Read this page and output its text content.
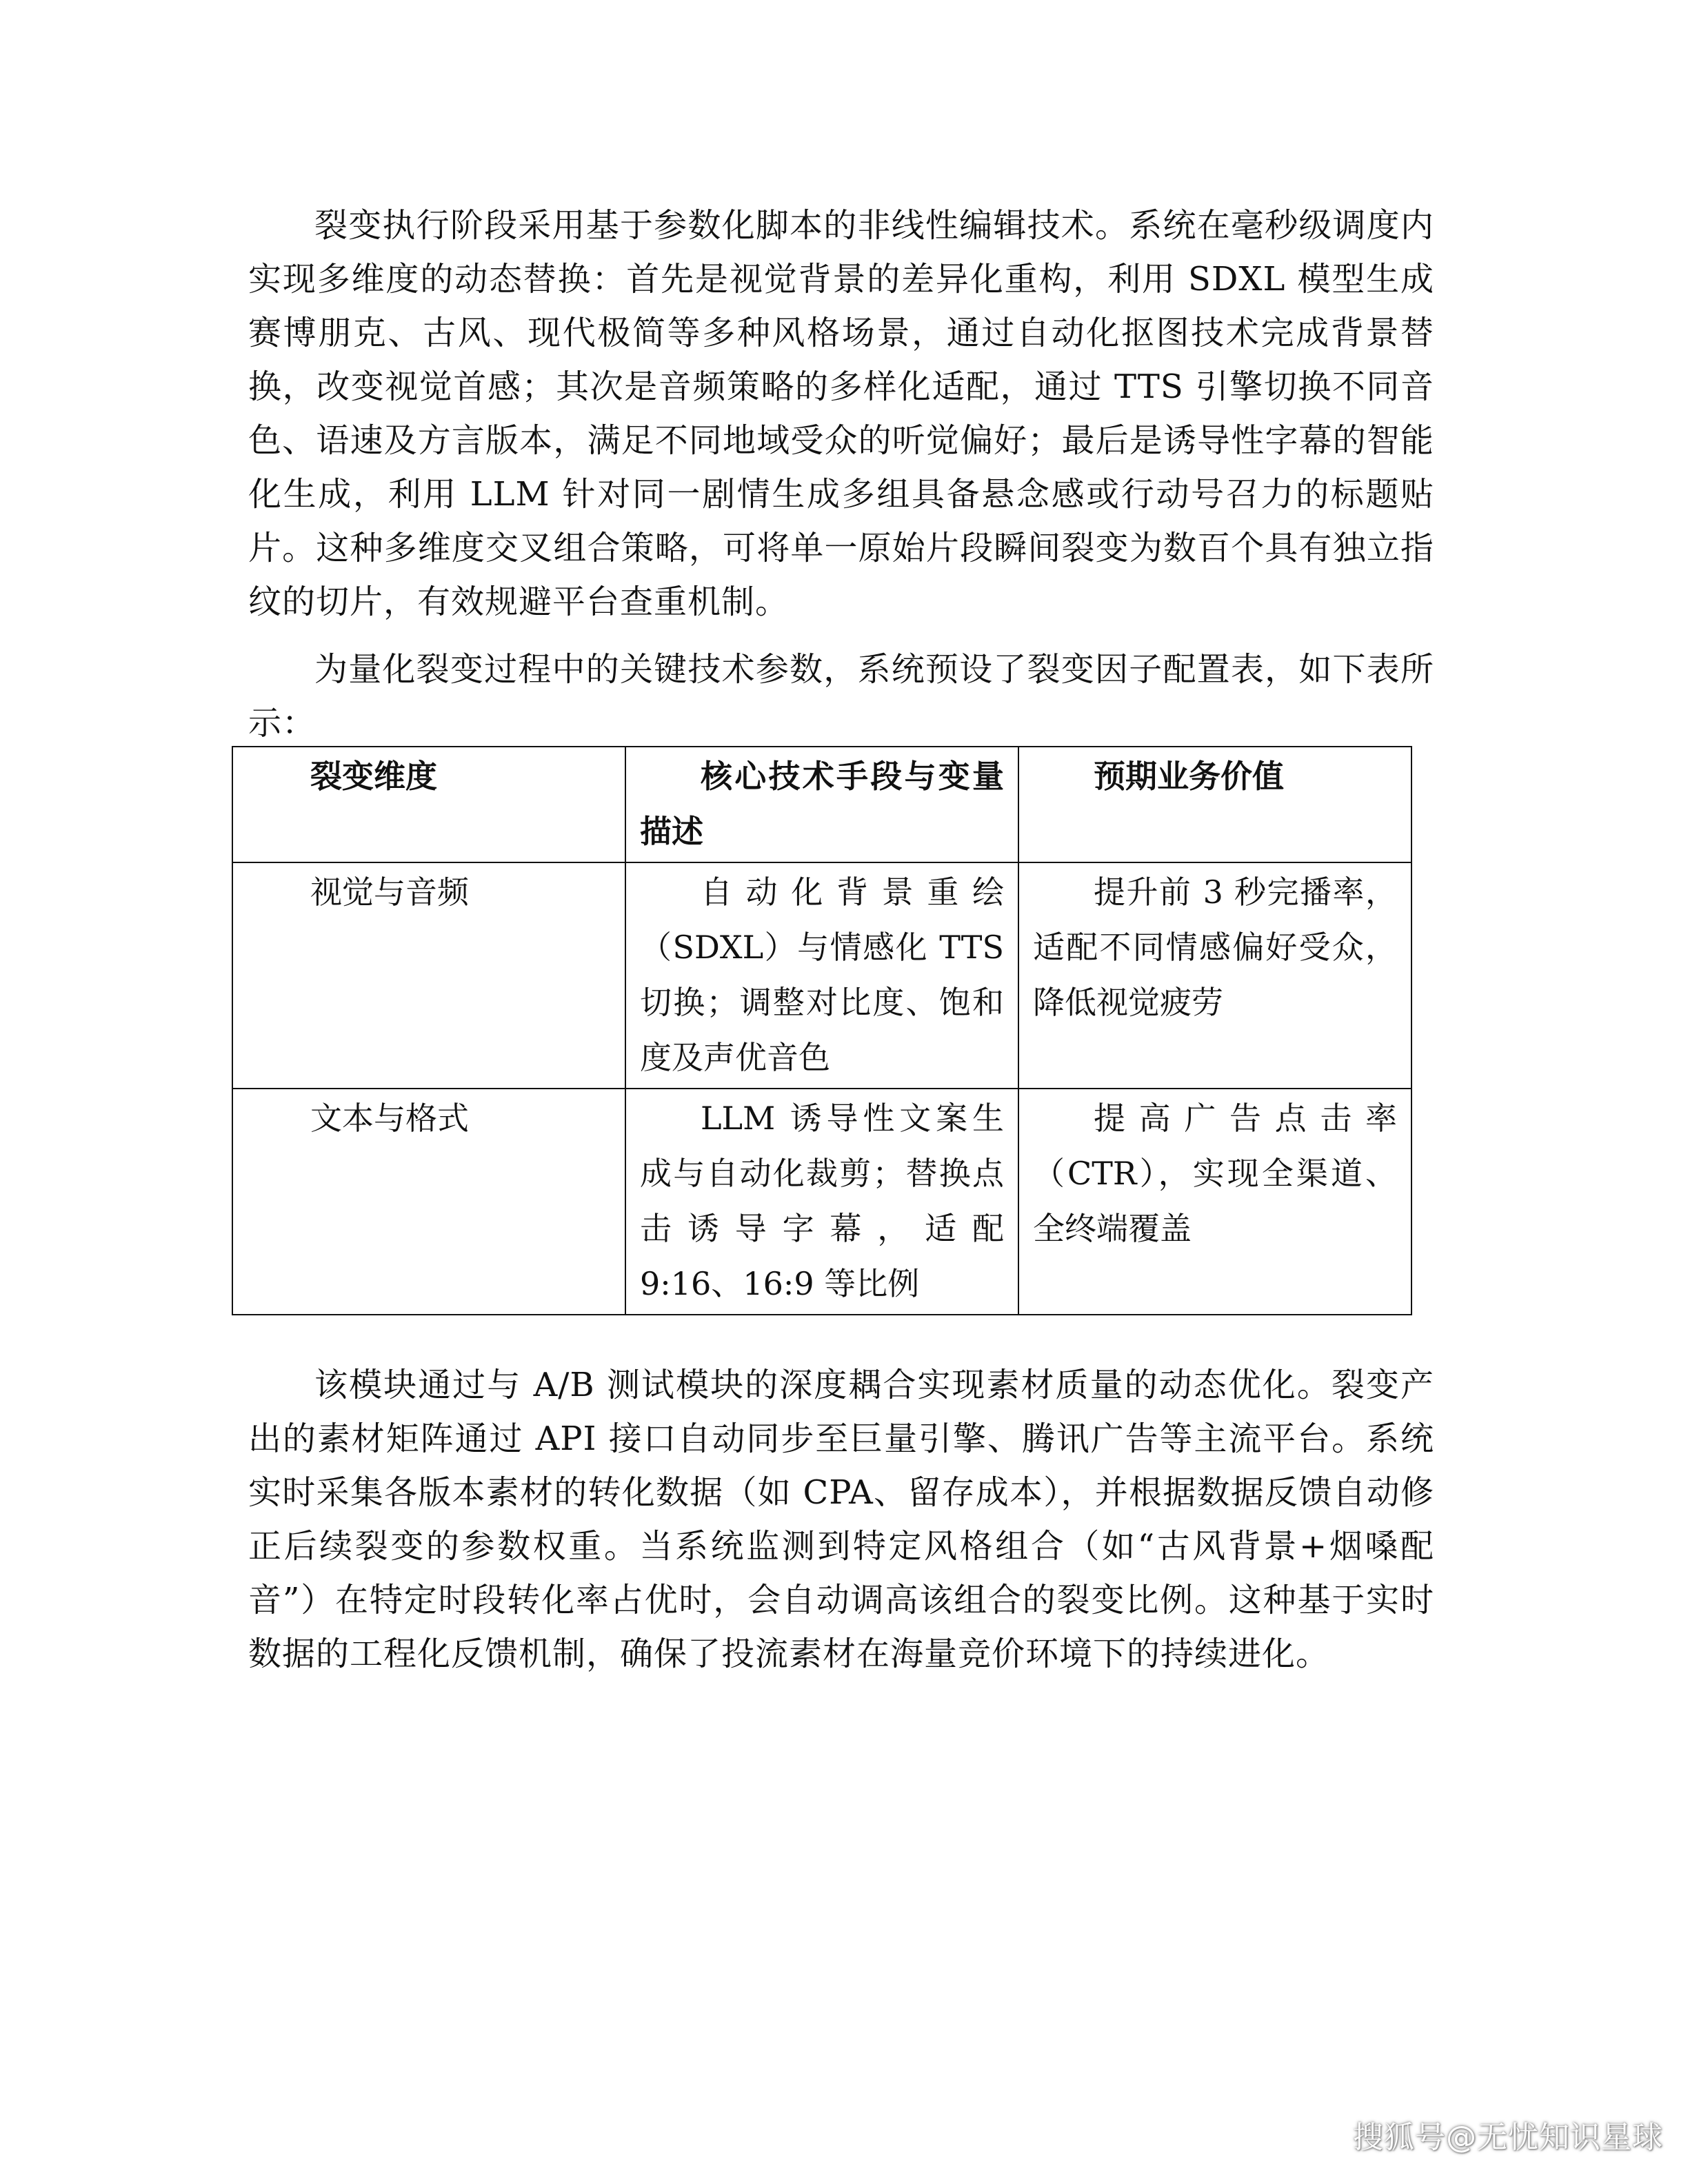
裂变执行阶段采用基于参数化脚本的非线性编辑技术。系统在毫秒级调度内实现多维度的动态替换：首先是视觉背景的差异化重构，利用 SDXL 模型生成赛博朋克、古风、现代极简等多种风格场景，通过自动化抠图技术完成背景替换，改变视觉首感；其次是音频策略的多样化适配，通过 TTS 引擎切换不同音色、语速及方言版本，满足不同地域受众的听觉偏好；最后是诱导性字幕的智能化生成，利用 LLM 针对同一剧情生成多组具备悬念感或行动号召力的标题贴片。这种多维度交叉组合策略，可将单一原始片段瞬间裂变为数百个具有独立指纹的切片，有效规避平台查重机制。

为量化裂变过程中的关键技术参数，系统预设了裂变因子配置表，如下表所示：

裂变维度	核心技术手段与变量描述	预期业务价值

视觉与音频	自动化背景重绘（SDXL）与情感化 TTS 切换；调整对比度、饱和度及声优音色	提升前 3 秒完播率，适配不同情感偏好受众，降低视觉疲劳

文本与格式	LLM 诱导性文案生成与自动化裁剪；替换点击诱导字幕，适配 9:16、16:9 等比例	提高广告点击率（CTR），实现全渠道、全终端覆盖

该模块通过与 A/B 测试模块的深度耦合实现素材质量的动态优化。裂变产出的素材矩阵通过 API 接口自动同步至巨量引擎、腾讯广告等主流平台。系统实时采集各版本素材的转化数据（如 CPA、留存成本），并根据数据反馈自动修正后续裂变的参数权重。当系统监测到特定风格组合（如“古风背景+烟嗓配音”）在特定时段转化率占优时，会自动调高该组合的裂变比例。这种基于实时数据的工程化反馈机制，确保了投流素材在海量竞价环境下的持续进化。

搜狐号@无忧知识星球
